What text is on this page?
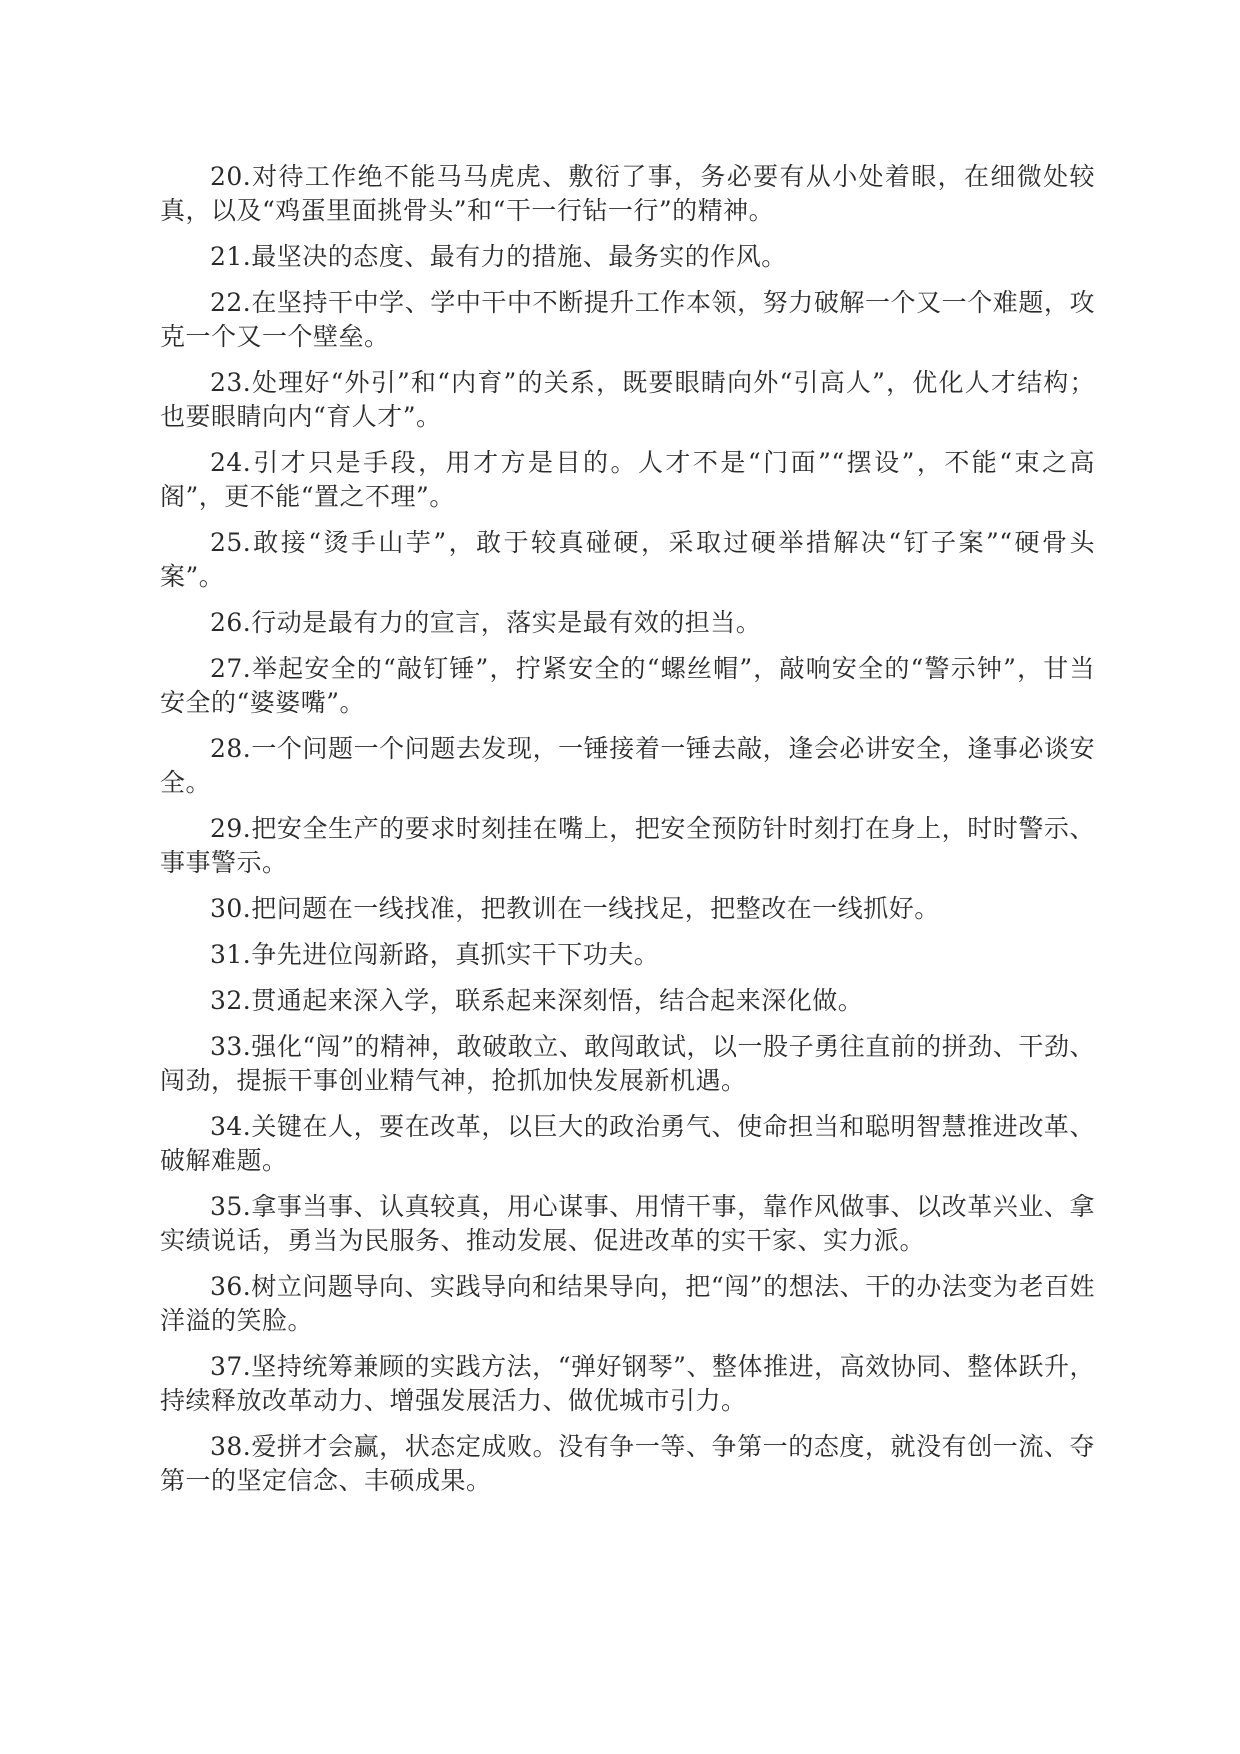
20.对待工作绝不能马马虎虎、敷衍了事，务必要有从小处着眼，在细微处较真，以及“鸡蛋里面挑骨头”和“干一行钻一行”的精神。

21.最坚决的态度、最有力的措施、最务实的作风。

22.在坚持干中学、学中干中不断提升工作本领，努力破解一个又一个难题，攻克一个又一个壁垒。

23.处理好“外引”和“内育”的关系，既要眼睛向外“引高人”，优化人才结构；也要眼睛向内“育人才”。

24.引才只是手段，用才方是目的。人才不是“门面”“摆设”，不能“束之高阁”，更不能“置之不理”。

25.敢接“烫手山芋”，敢于较真碰硬，采取过硬举措解决“钉子案”“硬骨头案”。

26.行动是最有力的宣言，落实是最有效的担当。

27.举起安全的“敲钉锤”，拧紧安全的“螺丝帽”，敲响安全的“警示钟”，甘当安全的“婆婆嘴”。

28.一个问题一个问题去发现，一锤接着一锤去敲，逢会必讲安全，逢事必谈安全。

29.把安全生产的要求时刻挂在嘴上，把安全预防针时刻打在身上，时时警示、事事警示。

30.把问题在一线找准，把教训在一线找足，把整改在一线抓好。

31.争先进位闯新路，真抓实干下功夫。

32.贯通起来深入学，联系起来深刻悟，结合起来深化做。

33.强化“闯”的精神，敢破敢立、敢闯敢试，以一股子勇往直前的拼劲、干劲、闯劲，提振干事创业精气神，抢抓加快发展新机遇。

34.关键在人，要在改革，以巨大的政治勇气、使命担当和聪明智慧推进改革、破解难题。

35.拿事当事、认真较真，用心谋事、用情干事，靠作风做事、以改革兴业、拿实绩说话，勇当为民服务、推动发展、促进改革的实干家、实力派。

36.树立问题导向、实践导向和结果导向，把“闯”的想法、干的办法变为老百姓洋溢的笑脸。

37.坚持统筹兼顾的实践方法，“弹好钢琴”、整体推进，高效协同、整体跃升，持续释放改革动力、增强发展活力、做优城市引力。

38.爱拼才会赢，状态定成败。没有争一等、争第一的态度，就没有创一流、夺第一的坚定信念、丰硕成果。
